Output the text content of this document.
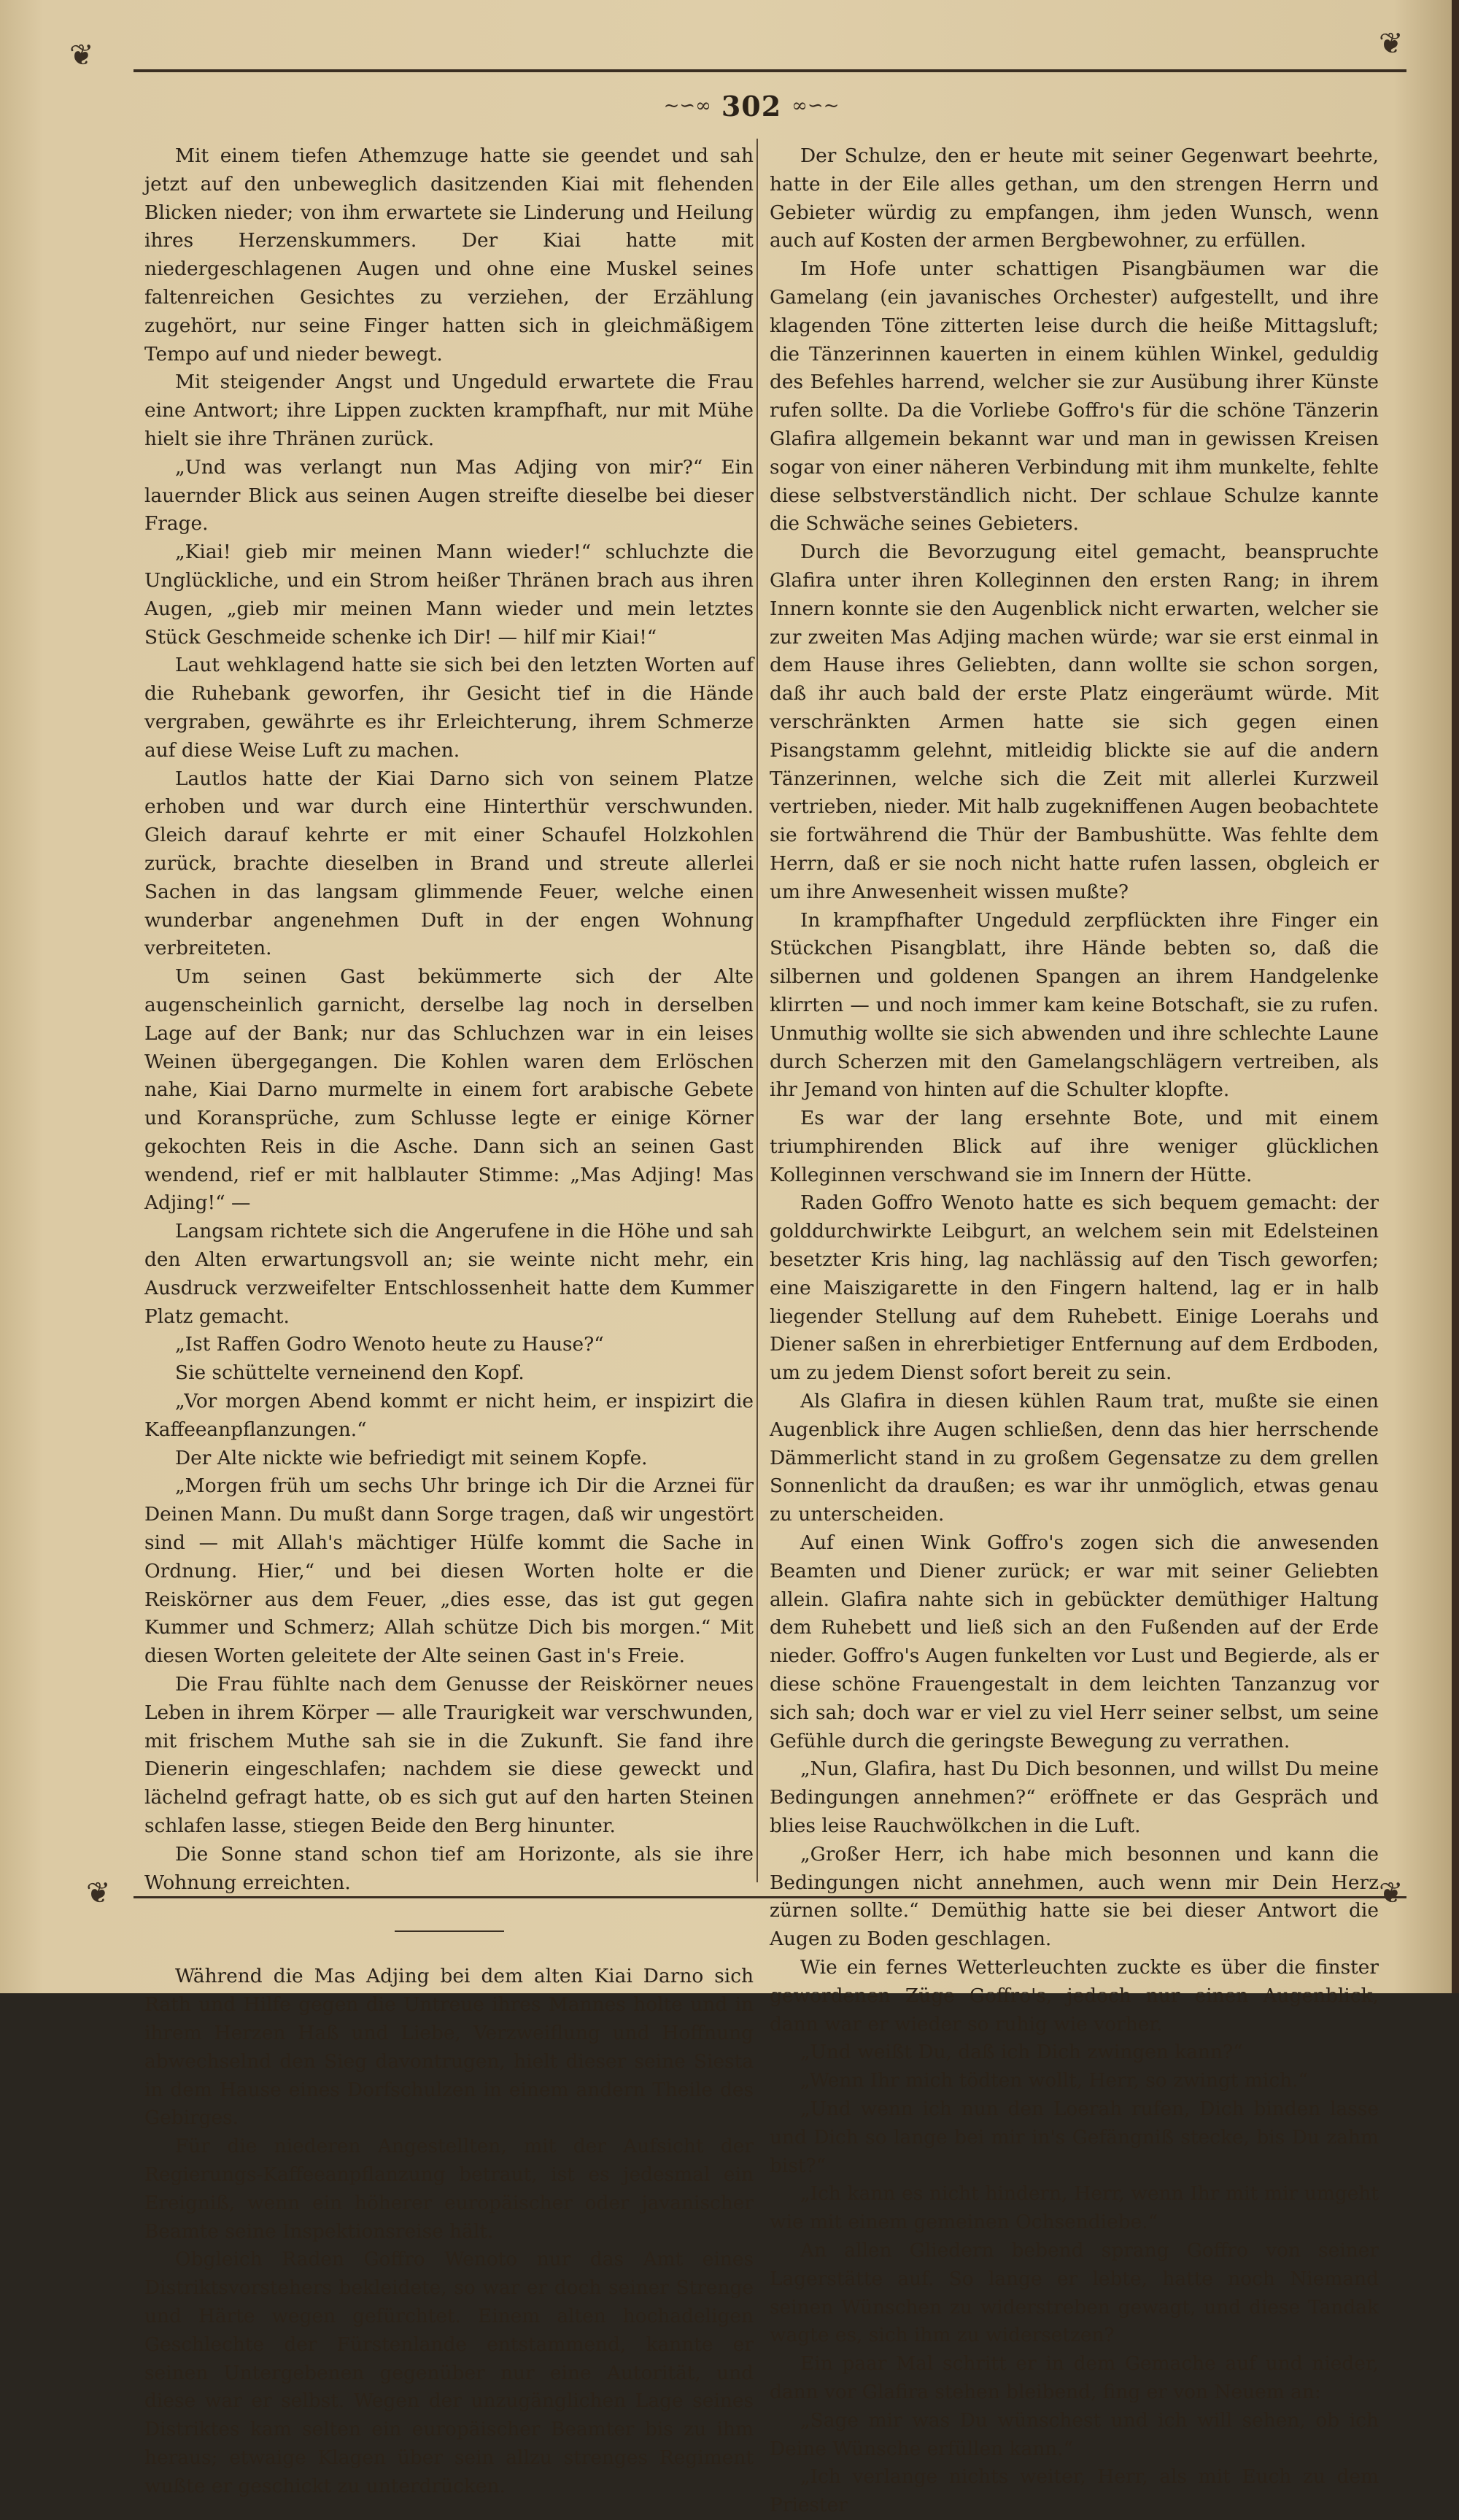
❦	❦
❦	❦
~∽∞ 302 ∞∽~

Mit einem tiefen Athemzuge hatte sie geendet und sah jetzt auf den unbeweglich dasitzenden Kiai mit flehenden Blicken nieder; von ihm erwartete sie Linderung und Heilung ihres Herzenskummers. Der Kiai hatte mit niedergeschlagenen Augen und ohne eine Muskel seines faltenreichen Gesichtes zu verziehen, der Erzählung zugehört, nur seine Finger hatten sich in gleichmäßigem Tempo auf und nieder bewegt.

Mit steigender Angst und Ungeduld erwartete die Frau eine Antwort; ihre Lippen zuckten krampfhaft, nur mit Mühe hielt sie ihre Thränen zurück.

„Und was verlangt nun Mas Adjing von mir?“ Ein lauernder Blick aus seinen Augen streifte dieselbe bei dieser Frage.

„Kiai! gieb mir meinen Mann wieder!“ schluchzte die Unglückliche, und ein Strom heißer Thränen brach aus ihren Augen, „gieb mir meinen Mann wieder und mein letztes Stück Geschmeide schenke ich Dir! — hilf mir Kiai!“

Laut wehklagend hatte sie sich bei den letzten Worten auf die Ruhebank geworfen, ihr Gesicht tief in die Hände vergraben, gewährte es ihr Erleichterung, ihrem Schmerze auf diese Weise Luft zu machen.

Lautlos hatte der Kiai Darno sich von seinem Platze erhoben und war durch eine Hinterthür verschwunden. Gleich darauf kehrte er mit einer Schaufel Holzkohlen zurück, brachte dieselben in Brand und streute allerlei Sachen in das langsam glimmende Feuer, welche einen wunderbar angenehmen Duft in der engen Wohnung verbreiteten.

Um seinen Gast bekümmerte sich der Alte augenscheinlich garnicht, derselbe lag noch in derselben Lage auf der Bank; nur das Schluchzen war in ein leises Weinen übergegangen. Die Kohlen waren dem Erlöschen nahe, Kiai Darno murmelte in einem fort arabische Gebete und Koransprüche, zum Schlusse legte er einige Körner gekochten Reis in die Asche. Dann sich an seinen Gast wendend, rief er mit halblauter Stimme: „Mas Adjing! Mas Adjing!“ —

Langsam richtete sich die Angerufene in die Höhe und sah den Alten erwartungsvoll an; sie weinte nicht mehr, ein Ausdruck verzweifelter Entschlossenheit hatte dem Kummer Platz gemacht.

„Ist Raffen Godro Wenoto heute zu Hause?“

Sie schüttelte verneinend den Kopf.

„Vor morgen Abend kommt er nicht heim, er inspizirt die Kaffeeanpflanzungen.“

Der Alte nickte wie befriedigt mit seinem Kopfe.

„Morgen früh um sechs Uhr bringe ich Dir die Arznei für Deinen Mann. Du mußt dann Sorge tragen, daß wir ungestört sind — mit Allah's mächtiger Hülfe kommt die Sache in Ordnung. Hier,“ und bei diesen Worten holte er die Reiskörner aus dem Feuer, „dies esse, das ist gut gegen Kummer und Schmerz; Allah schütze Dich bis morgen.“ Mit diesen Worten geleitete der Alte seinen Gast in's Freie.

Die Frau fühlte nach dem Genusse der Reiskörner neues Leben in ihrem Körper — alle Traurigkeit war verschwunden, mit frischem Muthe sah sie in die Zukunft. Sie fand ihre Dienerin eingeschlafen; nachdem sie diese geweckt und lächelnd gefragt hatte, ob es sich gut auf den harten Steinen schlafen lasse, stiegen Beide den Berg hinunter.

Die Sonne stand schon tief am Horizonte, als sie ihre Wohnung erreichten.

Während die Mas Adjing bei dem alten Kiai Darno sich Rath und Hilfe gegen die Untreue ihres Mannes holte und in ihrem Herzen Haß und Liebe, Verzweiflung und Hoffnung abwechselnd den Sieg davontrugen, hielt dieser seine Siesta in dem Hause eines Dorfschulzen in einem andern Theile des Gebirges.

Für die niederen Angestellten, mit der Aufsicht der Regierungs-Kaffeeanpflanzung betraut, ist es jedesmal ein Ereigniß, wenn ein höherer europäischer oder javanischer Beamte seine Inspektionsreise hält.

Obgleich Raden Goffro Wenoto nur das Amt eines Distriktsvorstehers bekleidete, so war er doch seiner Strenge und Härte wegen gefürchtet. Einem alten hochadeligen Geschlechte der Fürstenlande entstammend, kannte er seinen Untergebenen gegenüber nur eine Autorität, und diese war er selbst. Wegen der unzugänglichen Lage seines Distriktes kam selten ein europäischer Beamter bis zu ihm heraus; etwaige Klagen über sein allzu strenges Regiment wußte er geschickt zu unterdrücken.

Der Schulze, den er heute mit seiner Gegenwart beehrte, hatte in der Eile alles gethan, um den strengen Herrn und Gebieter würdig zu empfangen, ihm jeden Wunsch, wenn auch auf Kosten der armen Bergbewohner, zu erfüllen.

Im Hofe unter schattigen Pisangbäumen war die Gamelang (ein javanisches Orchester) aufgestellt, und ihre klagenden Töne zitterten leise durch die heiße Mittagsluft; die Tänzerinnen kauerten in einem kühlen Winkel, geduldig des Befehles harrend, welcher sie zur Ausübung ihrer Künste rufen sollte. Da die Vorliebe Goffro's für die schöne Tänzerin Glafira allgemein bekannt war und man in gewissen Kreisen sogar von einer näheren Verbindung mit ihm munkelte, fehlte diese selbstverständlich nicht. Der schlaue Schulze kannte die Schwäche seines Gebieters.

Durch die Bevorzugung eitel gemacht, beanspruchte Glafira unter ihren Kolleginnen den ersten Rang; in ihrem Innern konnte sie den Augenblick nicht erwarten, welcher sie zur zweiten Mas Adjing machen würde; war sie erst einmal in dem Hause ihres Geliebten, dann wollte sie schon sorgen, daß ihr auch bald der erste Platz eingeräumt würde. Mit verschränkten Armen hatte sie sich gegen einen Pisangstamm gelehnt, mitleidig blickte sie auf die andern Tänzerinnen, welche sich die Zeit mit allerlei Kurzweil vertrieben, nieder. Mit halb zugekniffenen Augen beobachtete sie fortwährend die Thür der Bambushütte. Was fehlte dem Herrn, daß er sie noch nicht hatte rufen lassen, obgleich er um ihre Anwesenheit wissen mußte?

In krampfhafter Ungeduld zerpflückten ihre Finger ein Stückchen Pisangblatt, ihre Hände bebten so, daß die silbernen und goldenen Spangen an ihrem Handgelenke klirrten — und noch immer kam keine Botschaft, sie zu rufen. Unmuthig wollte sie sich abwenden und ihre schlechte Laune durch Scherzen mit den Gamelangschlägern vertreiben, als ihr Jemand von hinten auf die Schulter klopfte.

Es war der lang ersehnte Bote, und mit einem triumphirenden Blick auf ihre weniger glücklichen Kolleginnen verschwand sie im Innern der Hütte.

Raden Goffro Wenoto hatte es sich bequem gemacht: der golddurchwirkte Leibgurt, an welchem sein mit Edelsteinen besetzter Kris hing, lag nachlässig auf den Tisch geworfen; eine Maiszigarette in den Fingern haltend, lag er in halb liegender Stellung auf dem Ruhebett. Einige Loerahs und Diener saßen in ehrerbietiger Entfernung auf dem Erdboden, um zu jedem Dienst sofort bereit zu sein.

Als Glafira in diesen kühlen Raum trat, mußte sie einen Augenblick ihre Augen schließen, denn das hier herrschende Dämmerlicht stand in zu großem Gegensatze zu dem grellen Sonnenlicht da draußen; es war ihr unmöglich, etwas genau zu unterscheiden.

Auf einen Wink Goffro's zogen sich die anwesenden Beamten und Diener zurück; er war mit seiner Geliebten allein. Glafira nahte sich in gebückter demüthiger Haltung dem Ruhebett und ließ sich an den Fußenden auf der Erde nieder. Goffro's Augen funkelten vor Lust und Begierde, als er diese schöne Frauengestalt in dem leichten Tanzanzug vor sich sah; doch war er viel zu viel Herr seiner selbst, um seine Gefühle durch die geringste Bewegung zu verrathen.

„Nun, Glafira, hast Du Dich besonnen, und willst Du meine Bedingungen annehmen?“ eröffnete er das Gespräch und blies leise Rauchwölkchen in die Luft.

„Großer Herr, ich habe mich besonnen und kann die Bedingungen nicht annehmen, auch wenn mir Dein Herz zürnen sollte.“ Demüthig hatte sie bei dieser Antwort die Augen zu Boden geschlagen.

Wie ein fernes Wetterleuchten zuckte es über die finster gewordenen Züge Goffro's, jedoch nur einen Augenblick, dann war er wieder so ruhig wie vorher.

„Und weißt Du, daß ich Dich zwingen kann?“

„Wenn Ihr mich tödten wollt, Herr, so zwingt mich.“

„Und wenn ich nun den Loerah rufen, Dich binden lasse und Dich so lange bei mir in's Gefängniß stecke, bis Du zahm bist?“

„Ich kann es nicht hindern, Herr, wenn Ihr mit mir umgeht wie mit einem gemeinen Ochsendiebe.“

An allen Gliedern bebend sprang Goffro von seiner Lagerstätte auf. So lange er lebte, hatte noch Niemand seinen Wünschen zu widerstreben gewagt, und diese Tandak wagte es, sich ihm zu widersetzen?

Ein paar Mal schritt er in dem Gemache auf und nieder, dann vor Glafira stehen bleibend, fing er von Neuem an:

„Sage mir was Du wünschest und ich will sehen, ob ich Deine Wünsche erfüllen kann.“

„Ich verlange nichts weiter, Herr, als mit Euch zu dem Priester
